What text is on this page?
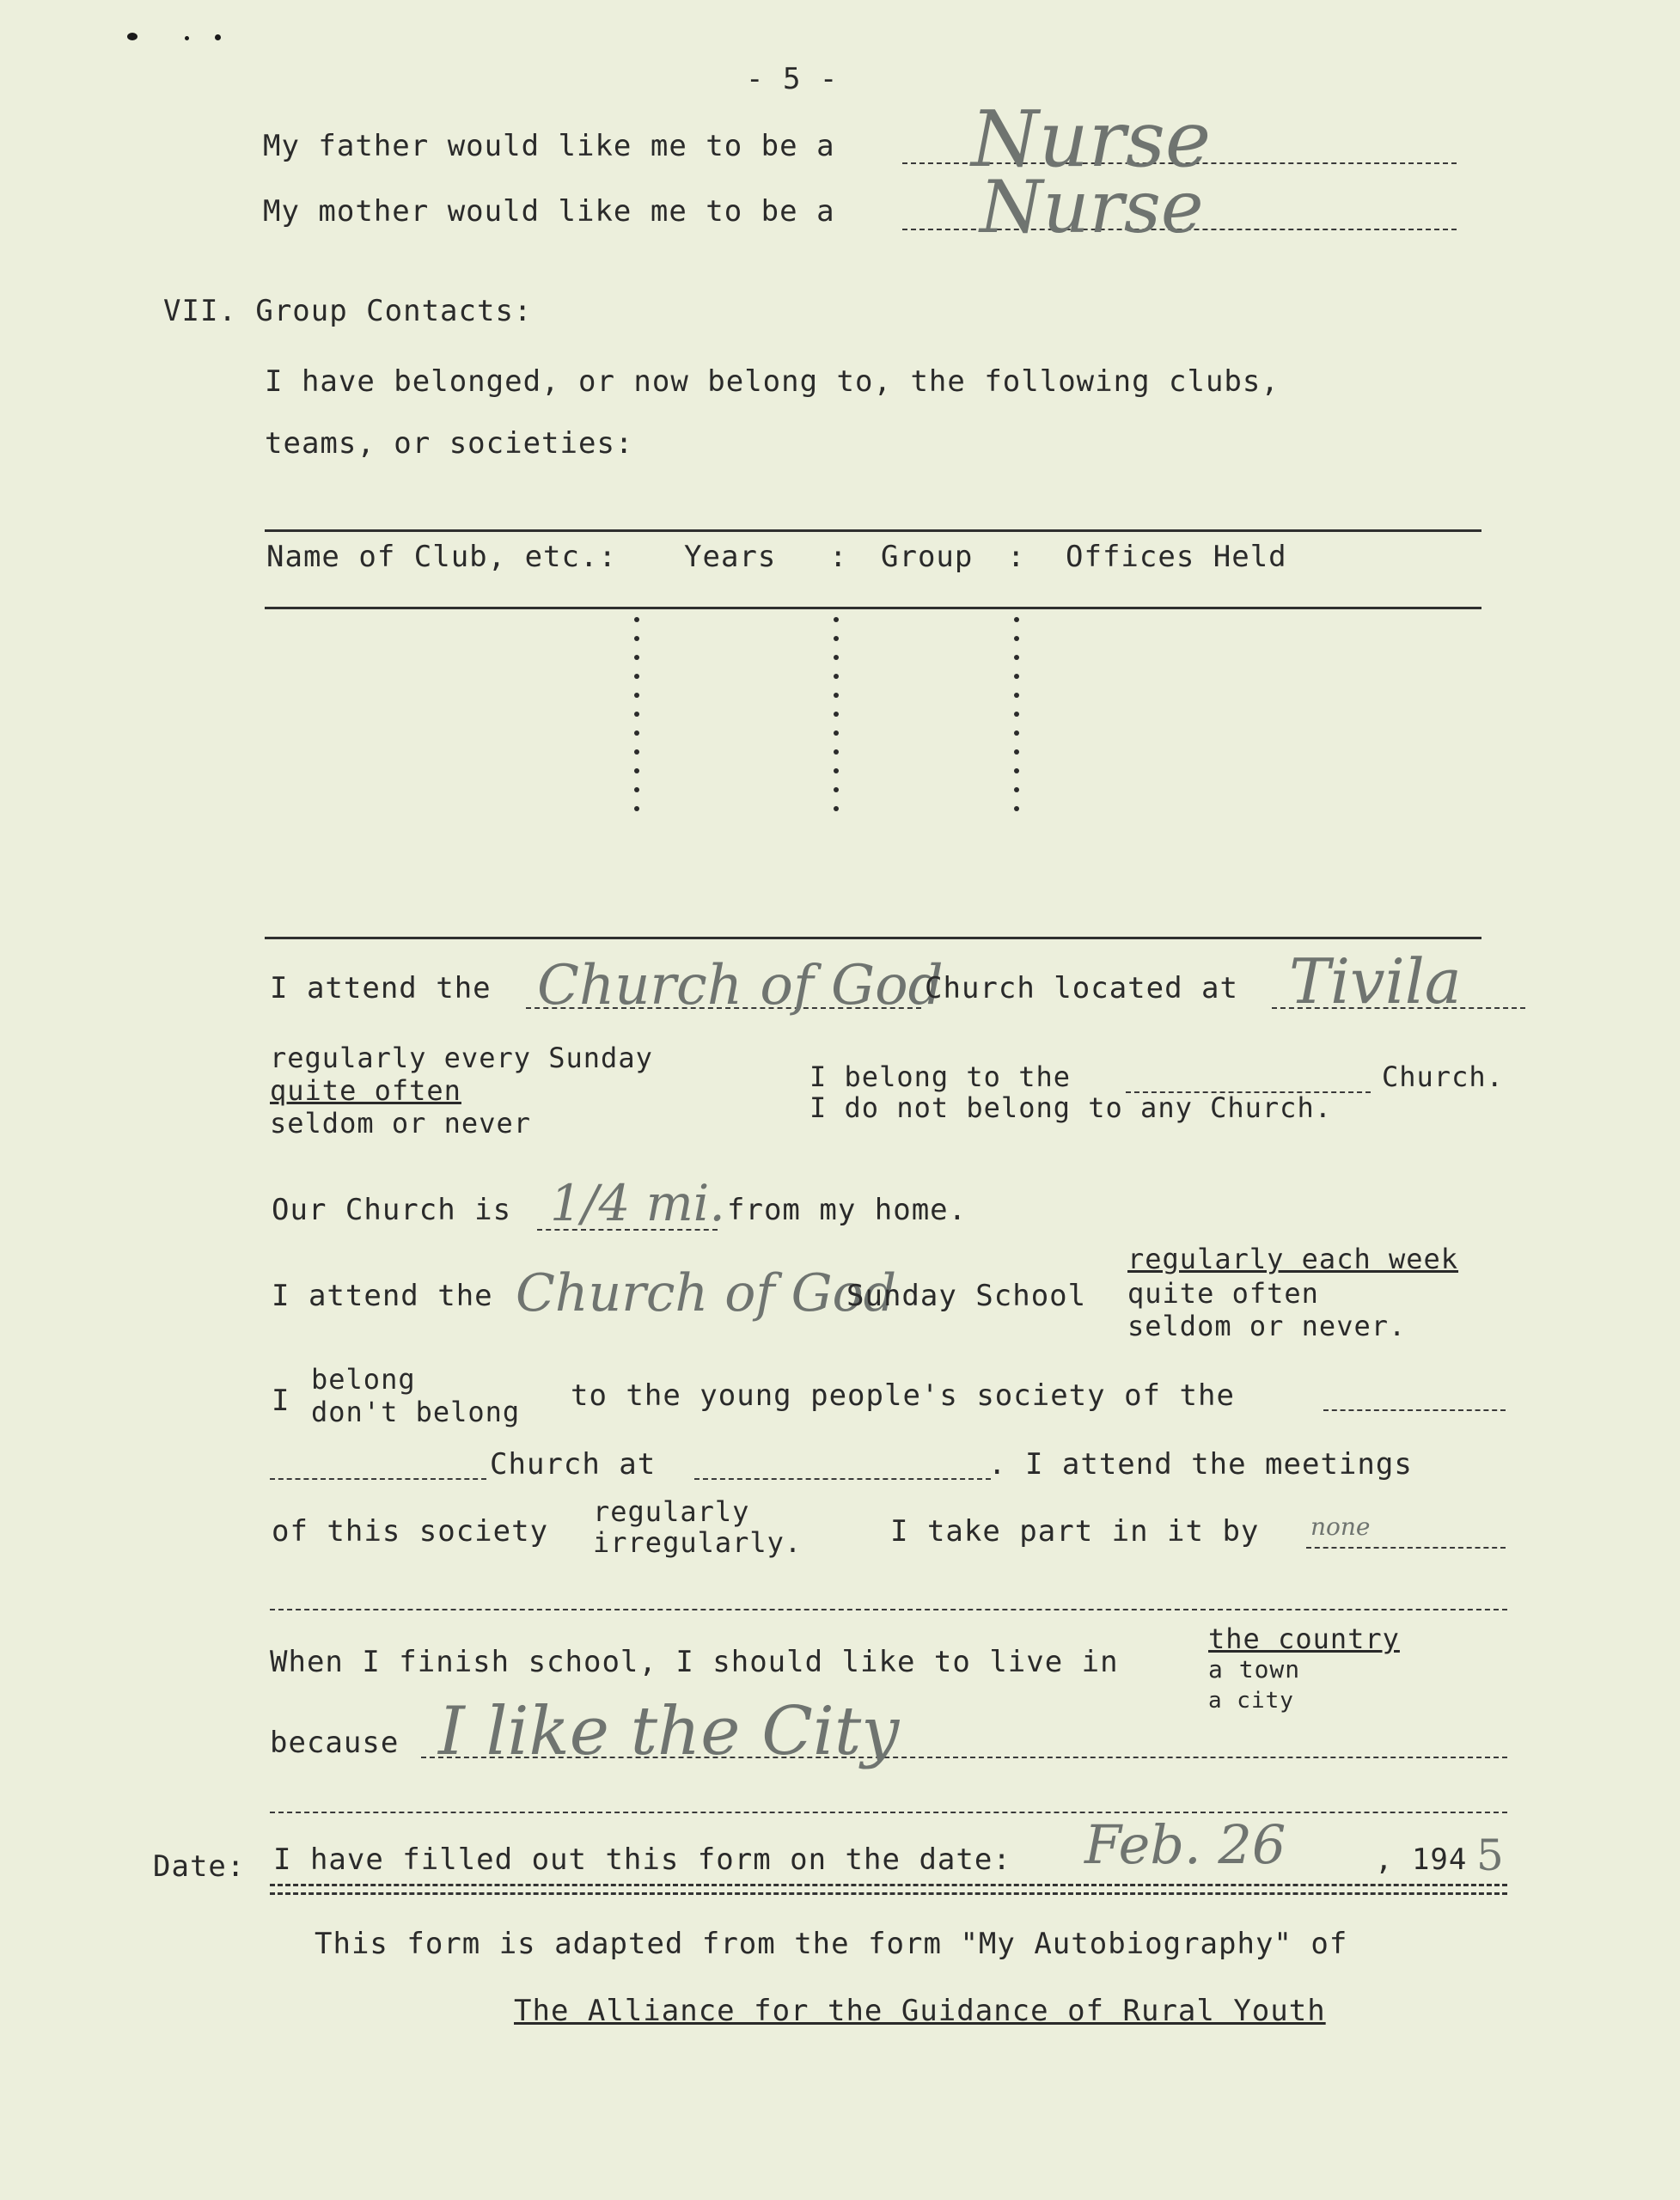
- 5 -
My father would like me to be a Nurse
My mother would like me to be a Nurse
VII. Group Contacts:
I have belonged, or now belong to, the following clubs,
teams, or societies:
Name of Club, etc.: Years : Group : Offices Held
I attend the Church of God
Church located at Tivila
regularly every Sunday
quite often
seldom or never
I belong to the	Church.
I do not belong to any Church.
Our Church is 1/4 mi. from my home.
I attend the Church of God
Sunday School
regularly each week
quite often
seldom or never.
I
belong
don't belong to the young people's society of the
Church at	. I attend the meetings
of this society
regularly
irregularly.	I take part in it by none
When I finish school, I should like to live in
the country
a town
a city
because I like the City
Date: I have filled out this form on the date: Feb. 26	, 194 5
This form is adapted from the form "My Autobiography" of
The Alliance for the Guidance of Rural Youth
